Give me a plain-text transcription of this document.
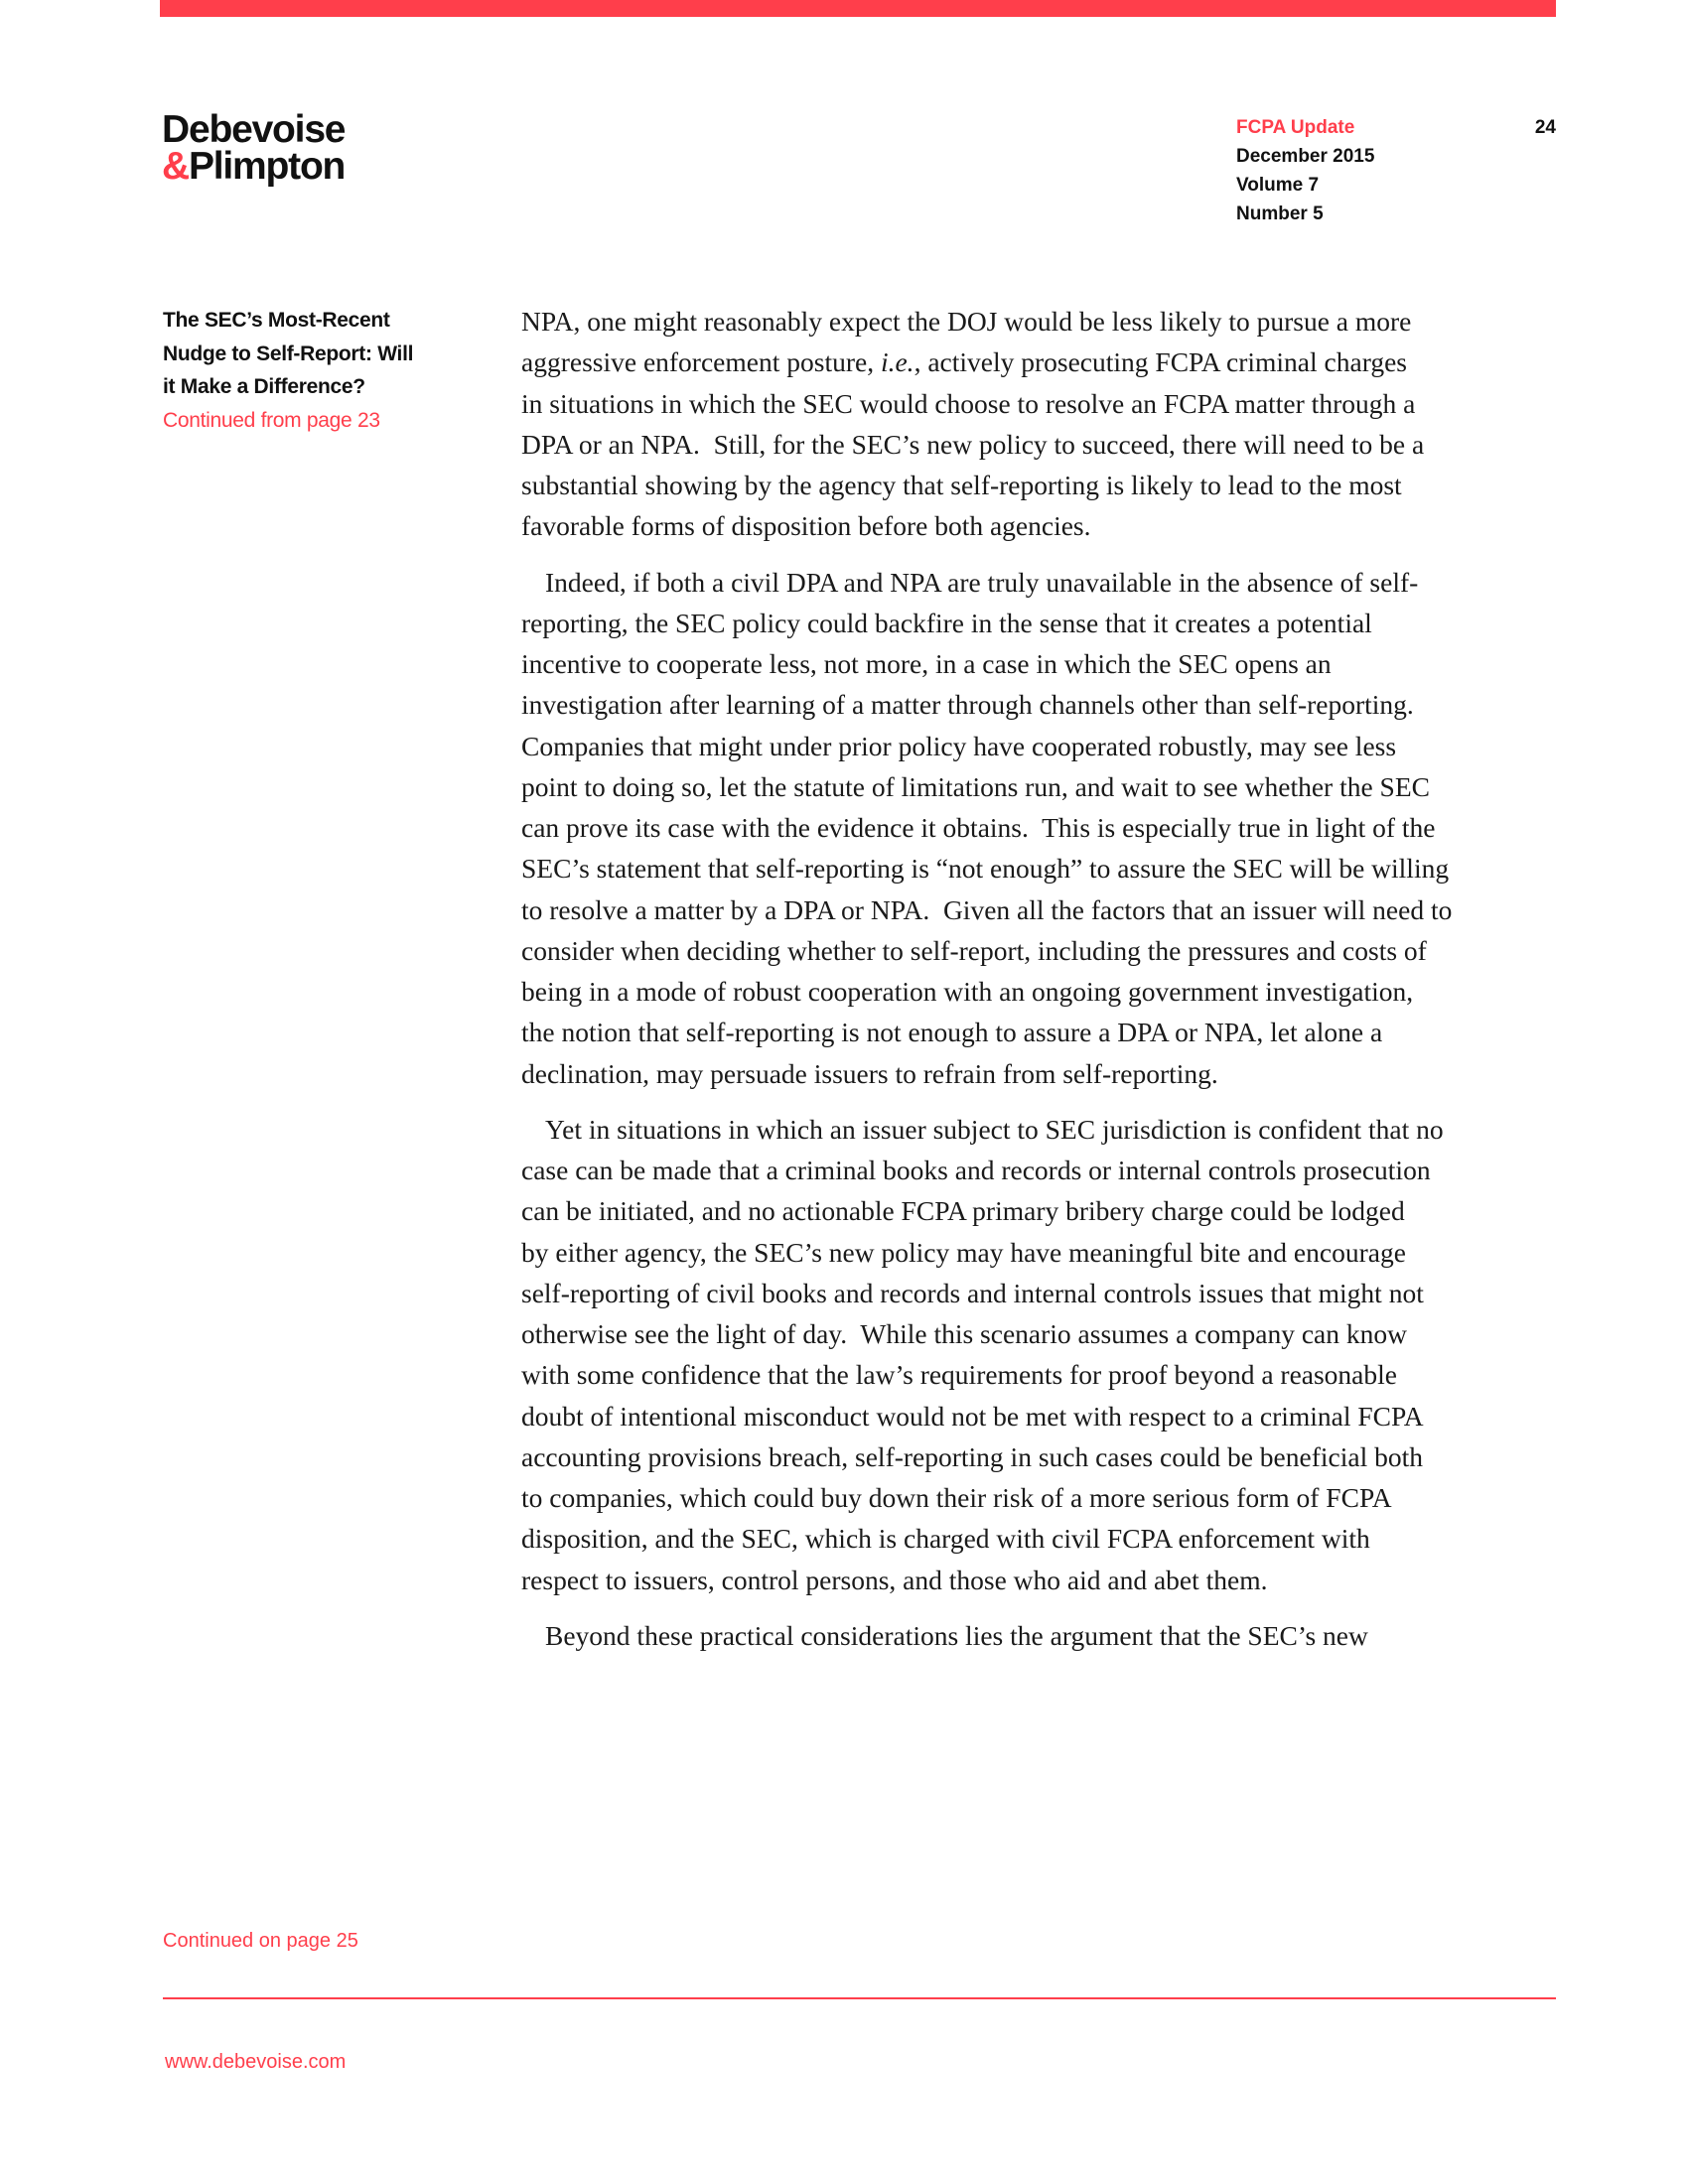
Debevoise
&Plimpton
FCPA Update
December 2015
Volume 7
Number 5
24
The SEC’s Most-Recent
Nudge to Self-Report: Will
it Make a Difference?
Continued from page 23

NPA, one might reasonably expect the DOJ would be less likely to pursue a more
aggressive enforcement posture, i.e., actively prosecuting FCPA criminal charges
in situations in which the SEC would choose to resolve an FCPA matter through a
DPA or an NPA.  Still, for the SEC’s new policy to succeed, there will need to be a
substantial showing by the agency that self-reporting is likely to lead to the most
favorable forms of disposition before both agencies.

Indeed, if both a civil DPA and NPA are truly unavailable in the absence of self-
reporting, the SEC policy could backfire in the sense that it creates a potential
incentive to cooperate less, not more, in a case in which the SEC opens an
investigation after learning of a matter through channels other than self-reporting.
Companies that might under prior policy have cooperated robustly, may see less
point to doing so, let the statute of limitations run, and wait to see whether the SEC
can prove its case with the evidence it obtains.  This is especially true in light of the
SEC’s statement that self-reporting is “not enough” to assure the SEC will be willing
to resolve a matter by a DPA or NPA.  Given all the factors that an issuer will need to
consider when deciding whether to self-report, including the pressures and costs of
being in a mode of robust cooperation with an ongoing government investigation,
the notion that self-reporting is not enough to assure a DPA or NPA, let alone a
declination, may persuade issuers to refrain from self-reporting.

Yet in situations in which an issuer subject to SEC jurisdiction is confident that no
case can be made that a criminal books and records or internal controls prosecution
can be initiated, and no actionable FCPA primary bribery charge could be lodged
by either agency, the SEC’s new policy may have meaningful bite and encourage
self-reporting of civil books and records and internal controls issues that might not
otherwise see the light of day.  While this scenario assumes a company can know
with some confidence that the law’s requirements for proof beyond a reasonable
doubt of intentional misconduct would not be met with respect to a criminal FCPA
accounting provisions breach, self-reporting in such cases could be beneficial both
to companies, which could buy down their risk of a more serious form of FCPA
disposition, and the SEC, which is charged with civil FCPA enforcement with
respect to issuers, control persons, and those who aid and abet them.

Beyond these practical considerations lies the argument that the SEC’s new

Continued on page 25
www.debevoise.com
